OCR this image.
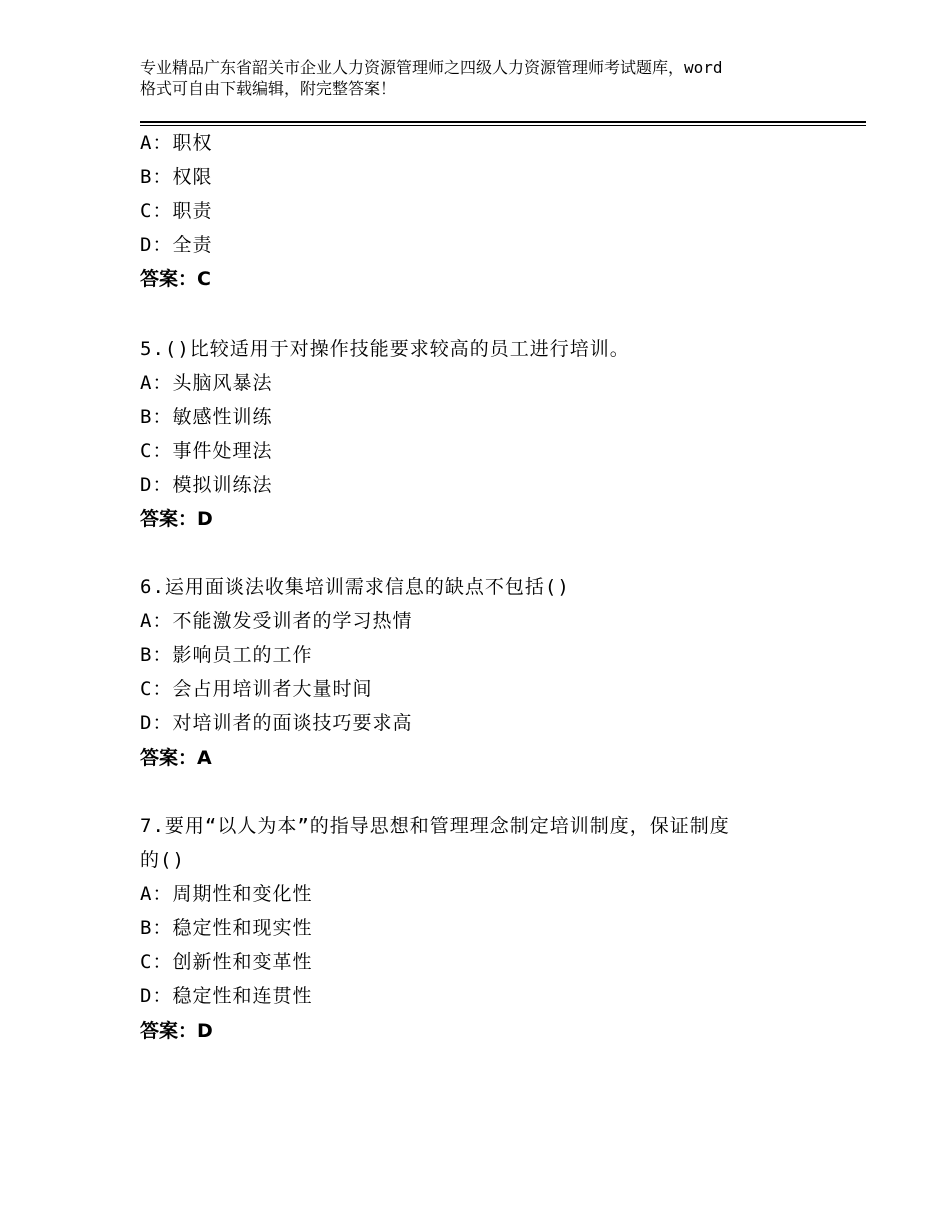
专业精品广东省韶关市企业人力资源管理师之四级人力资源管理师考试题库，word
格式可自由下载编辑，附完整答案！
A：职权
B：权限
C：职责
D：全责
答案：C
5.()比较适用于对操作技能要求较高的员工进行培训。
A：头脑风暴法
B：敏感性训练
C：事件处理法
D：模拟训练法
答案：D
6.运用面谈法收集培训需求信息的缺点不包括()
A：不能激发受训者的学习热情
B：影响员工的工作
C：会占用培训者大量时间
D：对培训者的面谈技巧要求高
答案：A
7.要用“以人为本”的指导思想和管理理念制定培训制度，保证制度
的()
A：周期性和变化性
B：稳定性和现实性
C：创新性和变革性
D：稳定性和连贯性
答案：D
